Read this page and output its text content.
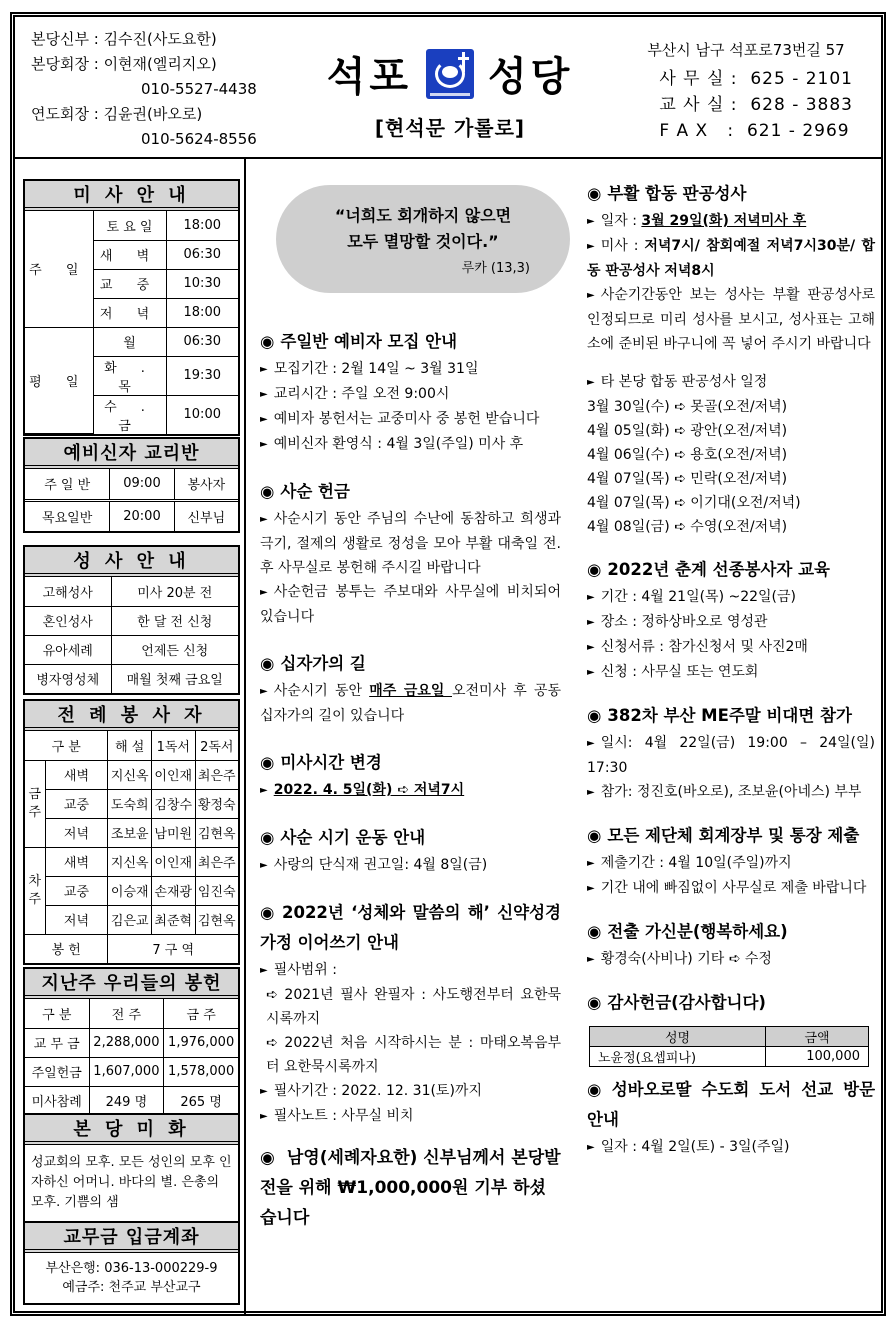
본당신부 : 김수진(사도요한)
본당회장 : 이현재(엘리지오)
010-5527-4438
연도회장 : 김윤권(바오로)
010-5624-8556
석포 성당
[현석문 가롤로]
부산시 남구 석포로73번길 57
사 무 실 :  625 - 2101
교 사 실 :  628 - 3883
F A X   :  621 - 2969
미 사 안 내
주 일	토 요 일	18:00
	새 벽	06:30
	교 중	10:30
	저 녁	18:00
평 일	월	06:30
	화 . 목	19:30
	수 . 금	10:00
예비신자 교리반
주 일 반	09:00	봉사자
목요일반	20:00	신부님
성 사 안 내
고해성사	미사 20분 전
혼인성사	한 달 전 신청
유아세례	언제든 신청
병자영성체	매월 첫째 금요일
전 례 봉 사 자
구 분		해 설	1독서	2독서
금주	새벽	지신옥	이인재	최은주
	교중	도숙희	김창수	황정숙
	저녁	조보윤	남미원	김현옥
차주	새벽	지신옥	이인재	최은주
	교중	이승재	손재광	임진숙
	저녁	김은교	최준혁	김현옥
봉 헌		7 구 역		
지난주 우리들의 봉헌
구 분	전 주	금 주
교 무 금	2,288,000	1,976,000
주일헌금	1,607,000	1,578,000
미사참례	249 명	265 명
본 당 미 화
성교회의 모후. 모든 성인의 모후 인자하신 어머니. 바다의 별. 은총의 모후. 기쁨의 샘
교무금 입금계좌
부산은행: 036-13-000229-9
예금주: 천주교 부산교구
“너희도 회개하지 않으면
모두 멸망할 것이다.”
루카 (13,3)
◉ 주일반 예비자 모집 안내
► 모집기간 : 2월 14일 ~ 3월 31일
► 교리시간 : 주일 오전 9:00시
► 예비자 봉헌서는 교중미사 중 봉헌 받습니다
► 예비신자 환영식 : 4월 3일(주일) 미사 후
◉ 사순 헌금
► 사순시기 동안 주님의 수난에 동참하고 희생과 극기, 절제의 생활로 정성을 모아 부활 대축일 전.후 사무실로 봉헌해 주시길 바랍니다
► 사순헌금 봉투는 주보대와 사무실에 비치되어 있습니다
◉ 십자가의 길
► 사순시기 동안 매주 금요일 오전미사 후 공동 십자가의 길이 있습니다
◉ 미사시간 변경
► 2022. 4. 5일(화) ➪ 저녁7시
◉ 사순 시기 운동 안내
► 사랑의 단식재 권고일: 4월 8일(금)
◉ 2022년 ‘성체와 말씀의 해’ 신약성경 가정 이어쓰기 안내
► 필사범위 :
➪ 2021년 필사 완필자 : 사도행전부터 요한묵시록까지
➪ 2022년 처음 시작하시는 분 : 마태오복음부터 요한묵시록까지
► 필사기간 : 2022. 12. 31(토)까지
► 필사노트 : 사무실 비치
◉ 남영(세례자요한) 신부님께서 본당발전을 위해 ₩1,000,000원 기부 하셨습니다
◉ 부활 합동 판공성사
► 일자 : 3월 29일(화) 저녁미사 후
► 미사 : 저녁7시/ 참회예절 저녁7시30분/ 합동 판공성사 저녁8시
► 사순기간동안 보는 성사는 부활 판공성사로 인정되므로 미리 성사를 보시고, 성사표는 고해소에 준비된 바구니에 꼭 넣어 주시기 바랍니다
► 타 본당 합동 판공성사 일정
3월 30일(수) ➪ 못골(오전/저녁)
4월 05일(화) ➪ 광안(오전/저녁)
4월 06일(수) ➪ 용호(오전/저녁)
4월 07일(목) ➪ 민락(오전/저녁)
4월 07일(목) ➪ 이기대(오전/저녁)
4월 08일(금) ➪ 수영(오전/저녁)
◉ 2022년 춘계 선종봉사자 교육
► 기간 : 4월 21일(목) ~22일(금)
► 장소 : 정하상바오로 영성관
► 신청서류 : 참가신청서 및 사진2매
► 신청 : 사무실 또는 연도회
◉ 382차 부산 ME주말 비대면 참가
► 일시: 4월 22일(금) 19:00 – 24일(일) 17:30
► 참가: 정진호(바오로), 조보윤(아네스) 부부
◉ 모든 제단체 회계장부 및 통장 제출
► 제출기간 : 4월 10일(주일)까지
► 기간 내에 빠짐없이 사무실로 제출 바랍니다
◉ 전출 가신분(행복하세요)
► 황경숙(사비나) 기타 ➪ 수정
◉ 감사헌금(감사합니다)
성명	금액
노윤정(요셉피나)	100,000
◉ 성바오로딸 수도회 도서 선교 방문 안내
► 일자 : 4월 2일(토) - 3일(주일)
